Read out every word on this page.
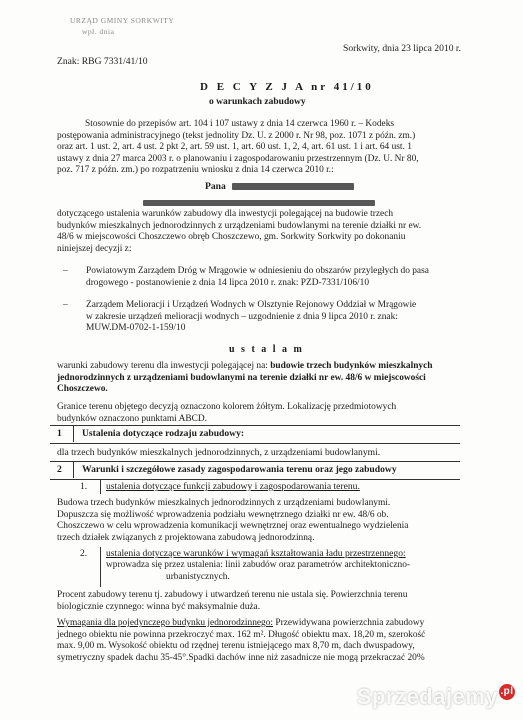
URZĄD GMINY SORKWITY
wpł. dnia
Sorkwity, dnia 23 lipca 2010 r.
Znak: RBG 7331/41/10
D E C Y Z J A nr 41/10
o warunkach zabudowy
Stosownie do przepisów art. 104 i 107 ustawy z dnia 14 czerwca 1960 r. – Kodeks
postępowania administracyjnego (tekst jednolity Dz. U. z 2000 r. Nr 98, poz. 1071 z późn. zm.)
oraz art. 1 ust. 2, art. 4 ust. 2 pkt 2, art. 59 ust. 1, art. 60 ust. 1, 2, 4, art. 61 ust. 1 i art. 64 ust. 1
ustawy z dnia 27 marca 2003 r. o planowaniu i zagospodarowaniu przestrzennym (Dz. U. Nr 80,
poz. 717 z późn. zm.) po rozpatrzeniu wniosku z dnia 14 czerwca 2010 r.:
Pana
dotyczącego ustalenia warunków zabudowy dla inwestycji polegającej na budowie trzech
budynków mieszkalnych jednorodzinnych z urządzeniami budowlanymi na terenie działki nr ew.
48/6 w miejscowości Choszczewo obręb Choszczewo, gm. Sorkwity Sorkwity po dokonaniu
niniejszej decyzji z:
– Powiatowym Zarządem Dróg w Mrągowie w odniesieniu do obszarów przyległych do pasa
drogowego - postanowienie z dnia 14 lipca 2010 r. znak: PZD-7331/106/10
– Zarządem Melioracji i Urządzeń Wodnych w Olsztynie Rejonowy Oddział w Mrągowie
w zakresie urządzeń melioracji wodnych – uzgodnienie z dnia 9 lipca 2010 r. znak:
MUW.DM-0702-1-159/10
u s t a l a m
warunki zabudowy terenu dla inwestycji polegającej na: budowie trzech budynków mieszkalnych
jednorodzinnych z urządzeniami budowlanymi na terenie działki nr ew. 48/6 w miejscowości
Choszczewo.
Granice terenu objętego decyzją oznaczono kolorem żółtym. Lokalizację przedmiotowych
budynków oznaczono punktami ABCD.
1 Ustalenia dotyczące rodzaju zabudowy:
dla trzech budynków mieszkalnych jednorodzinnych, z urządzeniami budowlanymi.
2 Warunki i szczegółowe zasady zagospodarowania terenu oraz jego zabudowy
1. ustalenia dotyczące funkcji zabudowy i zagospodarowania terenu.
Budowa trzech budynków mieszkalnych jednorodzinnych z urządzeniami budowlanymi.
Dopuszcza się możliwość wprowadzenia podziału wewnętrznego działki nr ew. 48/6 ob.
Choszczewo w celu wprowadzenia komunikacji wewnętrznej oraz ewentualnego wydzielenia
trzech działek związanych z projektowana zabudową jednorodzinną.
2. ustalenia dotyczące warunków i wymagań kształtowania ładu przestrzennego:
wprowadza się przez ustalenia: linii zabudów oraz parametrów architektoniczno-
urbanistycznych.
Procent zabudowy terenu tj. zabudowy i utwardzeń terenu nie ustala się. Powierzchnia terenu
biologicznie czynnego: winna być maksymalnie duża.
Wymagania dla pojedynczego budynku jednorodzinnego: Przewidywana powierzchnia zabudowy
jednego obiektu nie powinna przekroczyć max. 162 m². Długość obiektu max. 18,20 m, szerokość
max. 9,00 m. Wysokość obiektu od rzędnej terenu istniejącego max 8,70 m, dach dwuspadowy,
symetryczny spadek dachu 35-45°.Spadki dachów inne niż zasadnicze nie mogą przekraczać 20%
Sprzedajemy .pl
